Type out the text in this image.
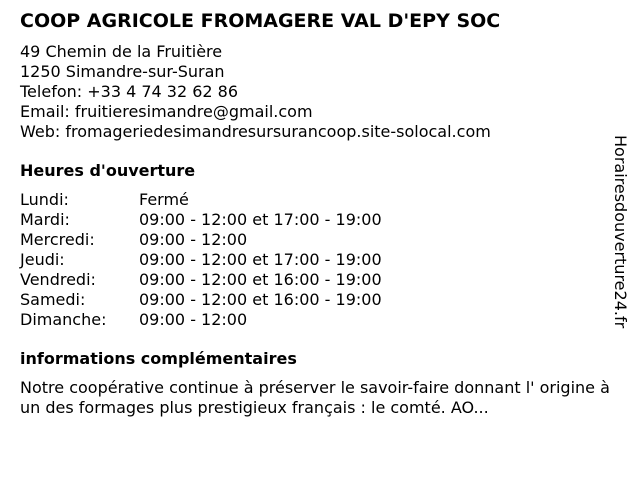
COOP AGRICOLE FROMAGERE VAL D'EPY SOC
49 Chemin de la Fruitière
1250 Simandre-sur-Suran
Telefon: +33 4 74 32 62 86
Email: fruitieresimandre@gmail.com
Web: fromageriedesimandresursurancoop.site-solocal.com
Heures d'ouverture
Lundi:	Fermé
Mardi:	09:00 - 12:00 et 17:00 - 19:00
Mercredi:	09:00 - 12:00
Jeudi:	09:00 - 12:00 et 17:00 - 19:00
Vendredi:	09:00 - 12:00 et 16:00 - 19:00
Samedi:	09:00 - 12:00 et 16:00 - 19:00
Dimanche:	09:00 - 12:00
informations complémentaires
Notre coopérative continue à préserver le savoir-faire donnant l' origine à un des formages plus prestigieux français : le comté. AO...
Horairesdouverture24.fr
